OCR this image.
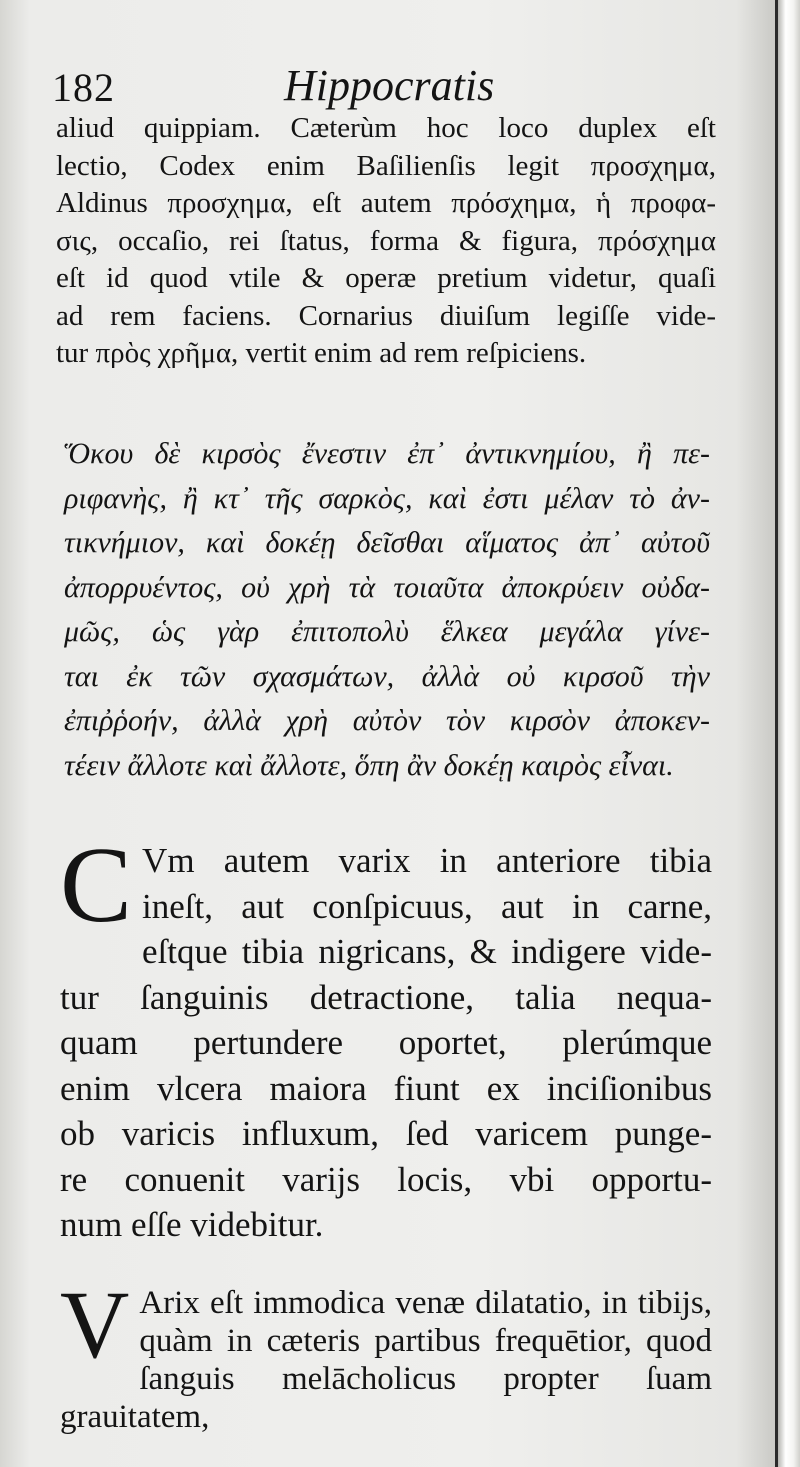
182	Hippocratis
aliud quippiam. Cæterùm hoc loco duplex eſt
lectio, Codex enim Baſilienſis legit προσχημα,
Aldinus προσχημα, eſt autem πρόσχημα, ἡ προφα-
σις, occaſio, rei ſtatus, forma & figura, πρόσχημα
eſt id quod vtile & operæ pretium videtur, quaſi
ad rem faciens. Cornarius diuiſum legiſſe vide-
tur πρὸς χρῆμα, vertit enim ad rem reſpiciens.
Ὅκου δὲ κιρσὸς ἔνεστιν ἐπ᾽ ἀντικνημίου, ἢ πε-
ριφανὴς, ἢ κτ᾽ τῆς σαρκὸς, καὶ ἐστι μέλαν τὸ ἀν-
τικνήμιον, καὶ δοκέῃ δεῖσθαι αἵματος ἀπ᾽ αὐτοῦ
ἀπορρυέντος, οὐ χρὴ τὰ τοιαῦτα ἀποκρύειν οὐδα-
μῶς, ὡς γὰρ ἐπιτοπολὺ ἕλκεα μεγάλα γίνε-
ται ἐκ τῶν σχασμάτων, ἀλλὰ οὐ κιρσοῦ τὴν
ἐπιῤῥοήν, ἀλλὰ χρὴ αὐτὸν τὸν κιρσὸν ἀποκεν-
τέειν ἄλλοτε καὶ ἄλλοτε, ὅπη ἂν δοκέῃ καιρὸς εἶναι.
C Vm autem varix in anteriore tibia
ineſt, aut conſpicuus, aut in carne,
eſtque tibia nigricans, & indigere vide-
tur ſanguinis detractione, talia nequa-
quam pertundere oportet, plerúmque
enim vlcera maiora fiunt ex inciſionibus
ob varicis influxum, ſed varicem punge-
re conuenit varijs locis, vbi opportu-
num eſſe videbitur.
V Arix eſt immodica venæ dilatatio, in tibijs,
quàm in cæteris partibus frequētior, quod
ſanguis melācholicus propter ſuam grauitatem,
